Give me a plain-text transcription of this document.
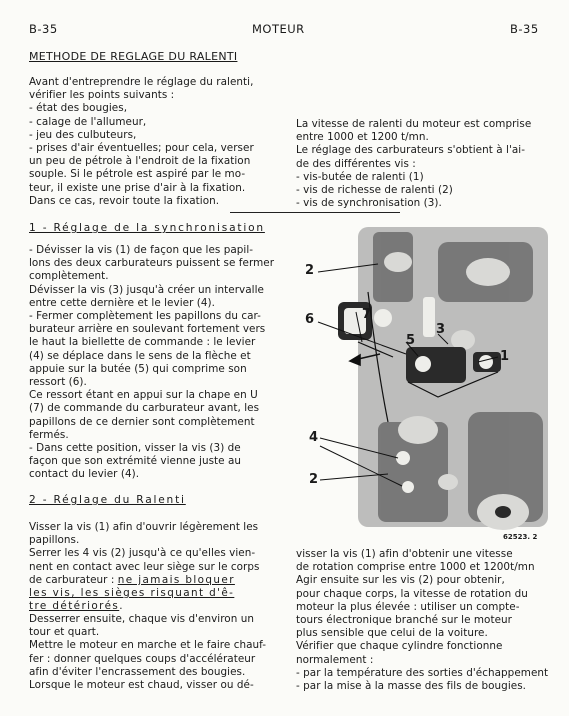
B-35	MOTEUR	B-35
METHODE DE REGLAGE DU RALENTI
Avant d'entreprendre le réglage du ralenti,
vérifier les points suivants :
- état des bougies,
- calage de l'allumeur,
- jeu des culbuteurs,
- prises d'air éventuelles; pour cela, verser
un peu de pétrole à l'endroit de la fixation
souple. Si le pétrole est aspiré par le mo-
teur, il existe une prise d'air à la fixation.
Dans ce cas, revoir toute la fixation.
La vitesse de ralenti du moteur est comprise
entre 1000 et 1200 t/mn.
Le réglage des carburateurs s'obtient à l'ai-
de des différentes vis :
- vis-butée de ralenti (1)
- vis de richesse de ralenti (2)
- vis de synchronisation (3).
1 - Réglage de la synchronisation
- Dévisser la vis (1) de façon que les papil-
lons des deux carburateurs puissent se fermer
complètement.
Dévisser la vis (3) jusqu'à créer un intervalle
entre cette dernière et le levier (4).
- Fermer complètement les papillons du car-
burateur arrière en soulevant fortement vers
le haut la biellette de commande : le levier
(4) se déplace dans le sens de la flèche et
appuie sur la butée (5) qui comprime son
ressort (6).
Ce ressort étant en appui sur la chape en U
(7) de commande du carburateur avant, les
papillons de ce dernier sont complètement
fermés.
- Dans cette position, visser la vis (3) de
façon que son extrémité vienne juste au
contact du levier (4).
2 - Réglage du Ralenti
Visser la vis (1) afin d'ouvrir légèrement les
papillons.
Serrer les 4 vis (2) jusqu'à ce qu'elles vien-
nent en contact avec leur siège sur le corps
de carburateur : ne jamais bloquer
les vis, les sièges risquant d'ê-
tre détériorés.
Desserrer ensuite, chaque vis d'environ un
tour et quart.
Mettre le moteur en marche et le faire chauf-
fer : donner quelques coups d'accélérateur
afin d'éviter l'encrassement des bougies.
Lorsque le moteur est chaud, visser ou dé-
visser la vis (1) afin d'obtenir une vitesse
de rotation comprise entre 1000 et 1200t/mn
Agir ensuite sur les vis (2) pour obtenir,
pour chaque corps, la vitesse de rotation du
moteur la plus élevée : utiliser un compte-
tours électronique branché sur le moteur
plus sensible que celui de la voiture.
Vérifier que chaque cylindre fonctionne
normalement :
- par la température des sorties d'échappement
- par la mise à la masse des fils de bougies.
2
7
6
5
3
1
4
2
62523. 2
